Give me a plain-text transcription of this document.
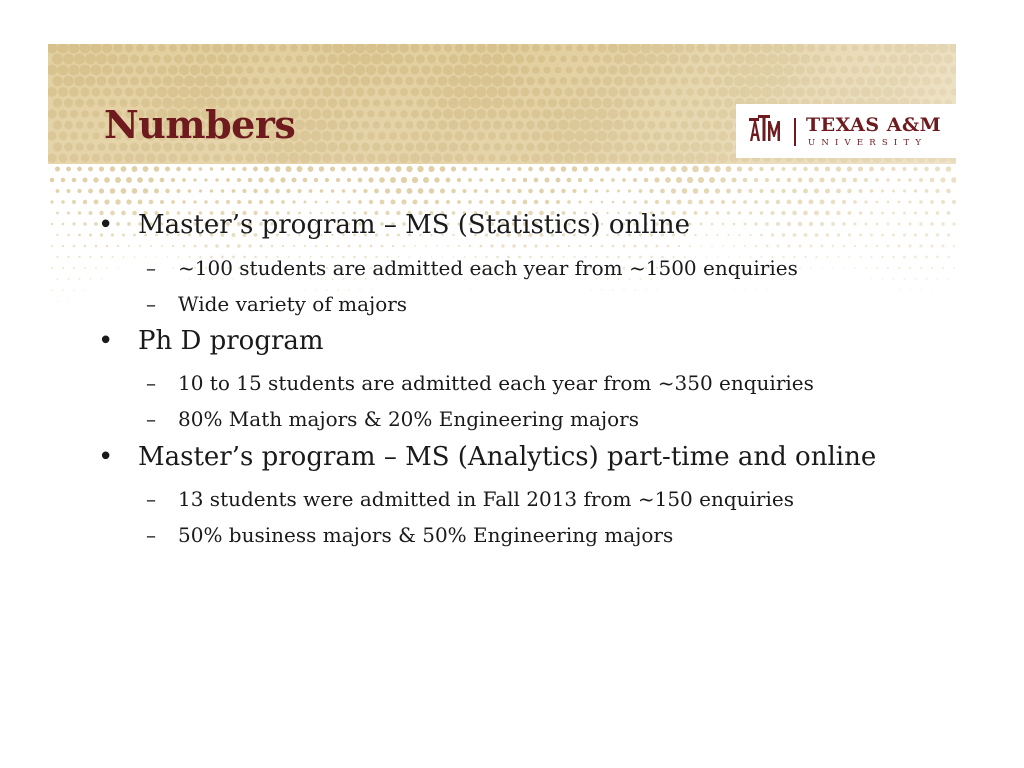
Numbers	TEXAS A&M
UNIVERSITY
• Master’s program – MS (Statistics) online
– ~100 students are admitted each year from ~1500 enquiries
– Wide variety of majors
• Ph D program
– 10 to 15 students are admitted each year from ~350 enquiries
– 80% Math majors & 20% Engineering majors
• Master’s program – MS (Analytics) part-time and online
– 13 students were admitted in Fall 2013 from ~150 enquiries
– 50% business majors & 50% Engineering majors
